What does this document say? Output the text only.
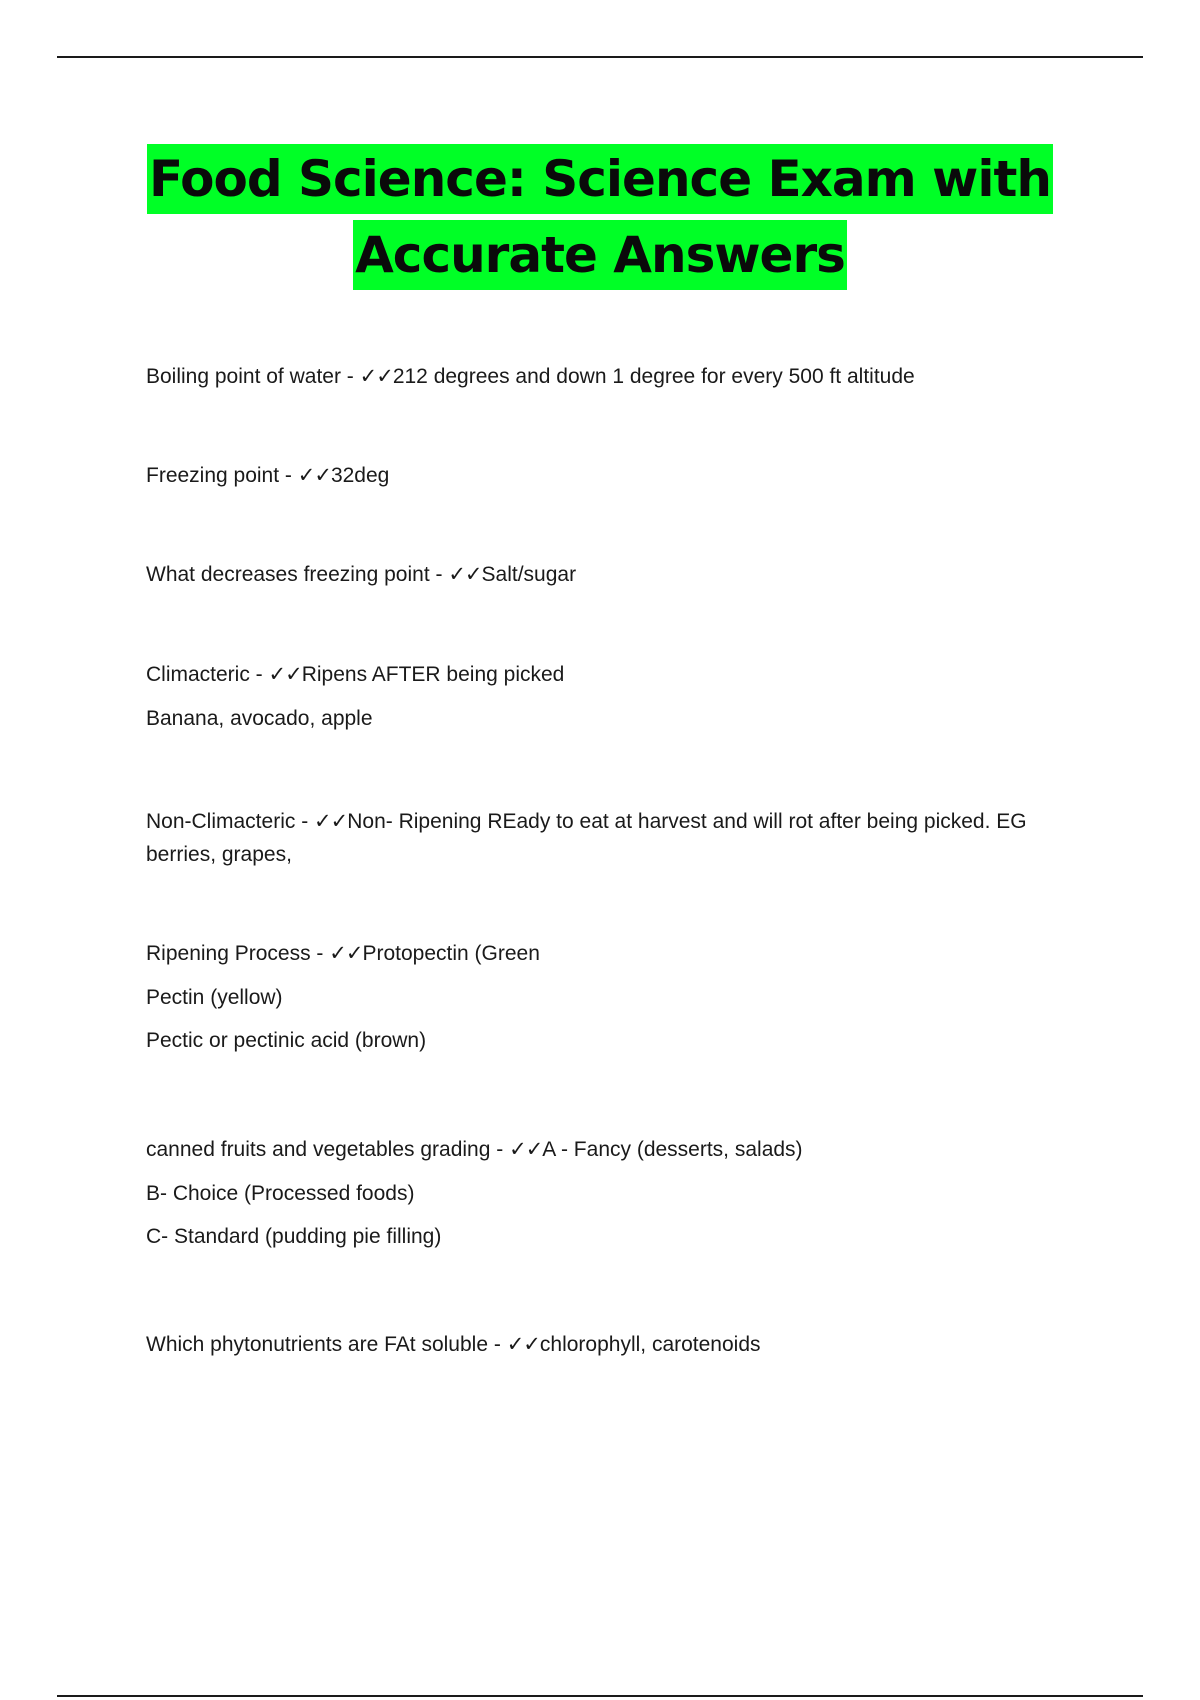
Food Science: Science Exam with
Accurate Answers

Boiling point of water - ✓✓212 degrees and down 1 degree for every 500 ft altitude

Freezing point - ✓✓32deg

What decreases freezing point - ✓✓Salt/sugar

Climacteric - ✓✓Ripens AFTER being picked

Banana, avocado, apple

Non-Climacteric - ✓✓Non- Ripening REady to eat at harvest and will rot after being picked. EG berries, grapes,

Ripening Process - ✓✓Protopectin (Green

Pectin (yellow)

Pectic or pectinic acid (brown)

canned fruits and vegetables grading - ✓✓A - Fancy (desserts, salads)

B- Choice (Processed foods)

C- Standard (pudding pie filling)

Which phytonutrients are FAt soluble - ✓✓chlorophyll, carotenoids
